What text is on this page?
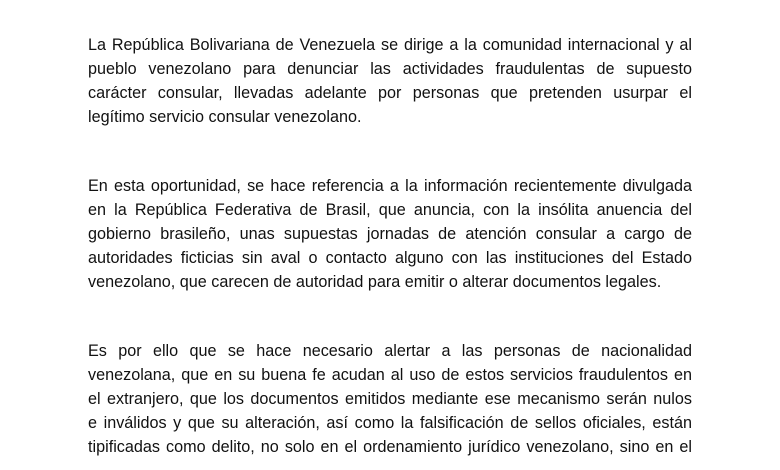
La República Bolivariana de Venezuela se dirige a la comunidad internacional y al
pueblo venezolano para denunciar las actividades fraudulentas de supuesto
carácter consular, llevadas adelante por personas que pretenden usurpar el
legítimo servicio consular venezolano.
En esta oportunidad, se hace referencia a la información recientemente divulgada
en la República Federativa de Brasil, que anuncia, con la insólita anuencia del
gobierno brasileño, unas supuestas jornadas de atención consular a cargo de
autoridades ficticias sin aval o contacto alguno con las instituciones del Estado
venezolano, que carecen de autoridad para emitir o alterar documentos legales.
Es por ello que se hace necesario alertar a las personas de nacionalidad
venezolana, que en su buena fe acudan al uso de estos servicios fraudulentos en
el extranjero, que los documentos emitidos mediante ese mecanismo serán nulos
e inválidos y que su alteración, así como la falsificación de sellos oficiales, están
tipificadas como delito, no solo en el ordenamiento jurídico venezolano, sino en el
